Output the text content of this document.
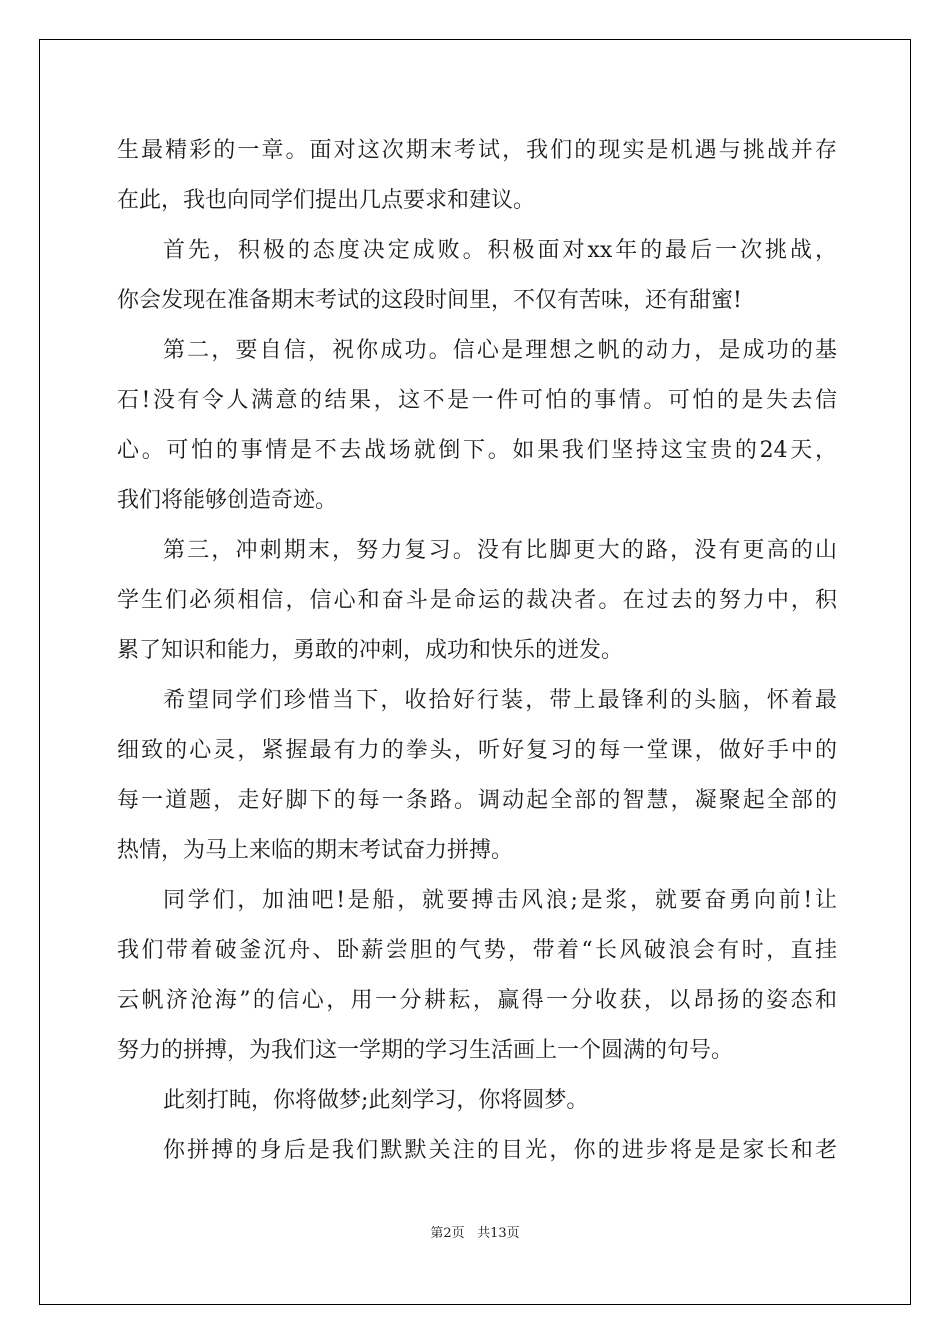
生最精彩的一章。面对这次期末考试，我们的现实是机遇与挑战并存
在此，我也向同学们提出几点要求和建议。
首先，积极的态度决定成败。积极面对xx年的最后一次挑战，
你会发现在准备期末考试的这段时间里，不仅有苦味，还有甜蜜!
第二，要自信，祝你成功。信心是理想之帆的动力，是成功的基
石!没有令人满意的结果，这不是一件可怕的事情。可怕的是失去信
心。可怕的事情是不去战场就倒下。如果我们坚持这宝贵的24天，
我们将能够创造奇迹。
第三，冲刺期末，努力复习。没有比脚更大的路，没有更高的山
学生们必须相信，信心和奋斗是命运的裁决者。在过去的努力中，积
累了知识和能力，勇敢的冲刺，成功和快乐的迸发。
希望同学们珍惜当下，收拾好行装，带上最锋利的头脑，怀着最
细致的心灵，紧握最有力的拳头，听好复习的每一堂课，做好手中的
每一道题，走好脚下的每一条路。调动起全部的智慧，凝聚起全部的
热情，为马上来临的期末考试奋力拼搏。
同学们，加油吧!是船，就要搏击风浪;是浆，就要奋勇向前!让
我们带着破釜沉舟、卧薪尝胆的气势，带着“长风破浪会有时，直挂
云帆济沧海”的信心，用一分耕耘，赢得一分收获，以昂扬的姿态和
努力的拼搏，为我们这一学期的学习生活画上一个圆满的句号。
此刻打盹，你将做梦;此刻学习，你将圆梦。
你拼搏的身后是我们默默关注的目光，你的进步将是是家长和老
第2页 共13页
